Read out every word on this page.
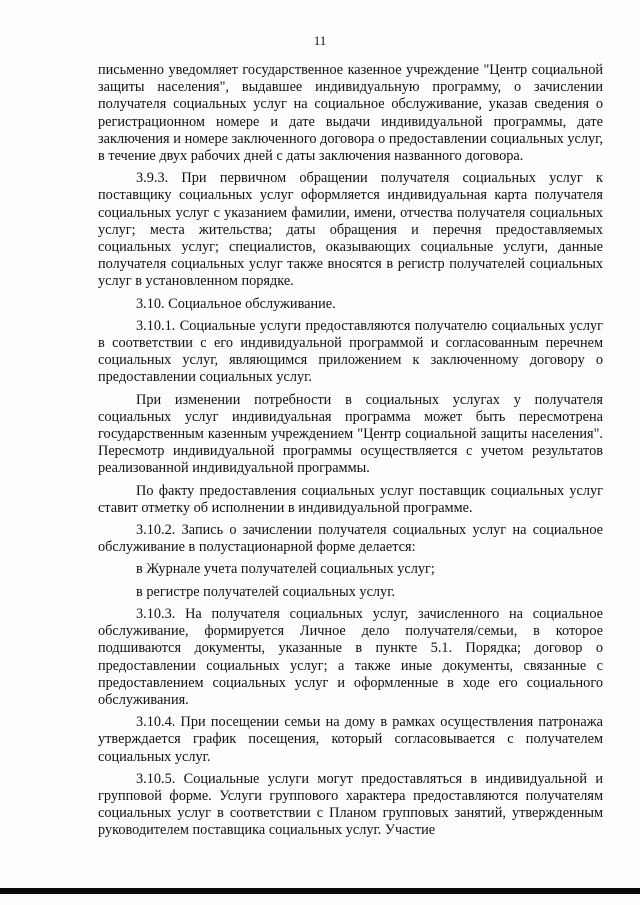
11

письменно уведомляет государственное казенное учреждение "Центр социальной защиты населения", выдавшее индивидуальную программу, о зачислении получателя социальных услуг на социальное обслуживание, указав сведения о регистрационном номере и дате выдачи индивидуальной программы, дате заключения и номере заключенного договора о предоставлении социальных услуг, в течение двух рабочих дней с даты заключения названного договора.

3.9.3. При первичном обращении получателя социальных услуг к поставщику социальных услуг оформляется индивидуальная карта получателя социальных услуг с указанием фамилии, имени, отчества получателя социальных услуг; места жительства; даты обращения и перечня предоставляемых социальных услуг; специалистов, оказывающих социальные услуги, данные получателя социальных услуг также вносятся в регистр получателей социальных услуг в установленном порядке.

3.10. Социальное обслуживание.

3.10.1. Социальные услуги предоставляются получателю социальных услуг в соответствии с его индивидуальной программой и согласованным перечнем социальных услуг, являющимся приложением к заключенному договору о предоставлении социальных услуг.

При изменении потребности в социальных услугах у получателя социальных услуг индивидуальная программа может быть пересмотрена государственным казенным учреждением "Центр социальной защиты населения". Пересмотр индивидуальной программы осуществляется с учетом результатов реализованной индивидуальной программы.

По факту предоставления социальных услуг поставщик социальных услуг ставит отметку об исполнении в индивидуальной программе.

3.10.2. Запись о зачислении получателя социальных услуг на социальное обслуживание в полустационарной форме делается:

в Журнале учета получателей социальных услуг;

в регистре получателей социальных услуг.

3.10.3. На получателя социальных услуг, зачисленного на социальное обслуживание, формируется Личное дело получателя/семьи, в которое подшиваются документы, указанные в пункте 5.1. Порядка; договор о предоставлении социальных услуг; а также иные документы, связанные с предоставлением социальных услуг и оформленные в ходе его социального обслуживания.

3.10.4. При посещении семьи на дому в рамках осуществления патронажа утверждается график посещения, который согласовывается с получателем социальных услуг.

3.10.5. Социальные услуги могут предоставляться в индивидуальной и групповой форме. Услуги группового характера предоставляются получателям социальных услуг в соответствии с Планом групповых занятий, утвержденным руководителем поставщика социальных услуг. Участие
